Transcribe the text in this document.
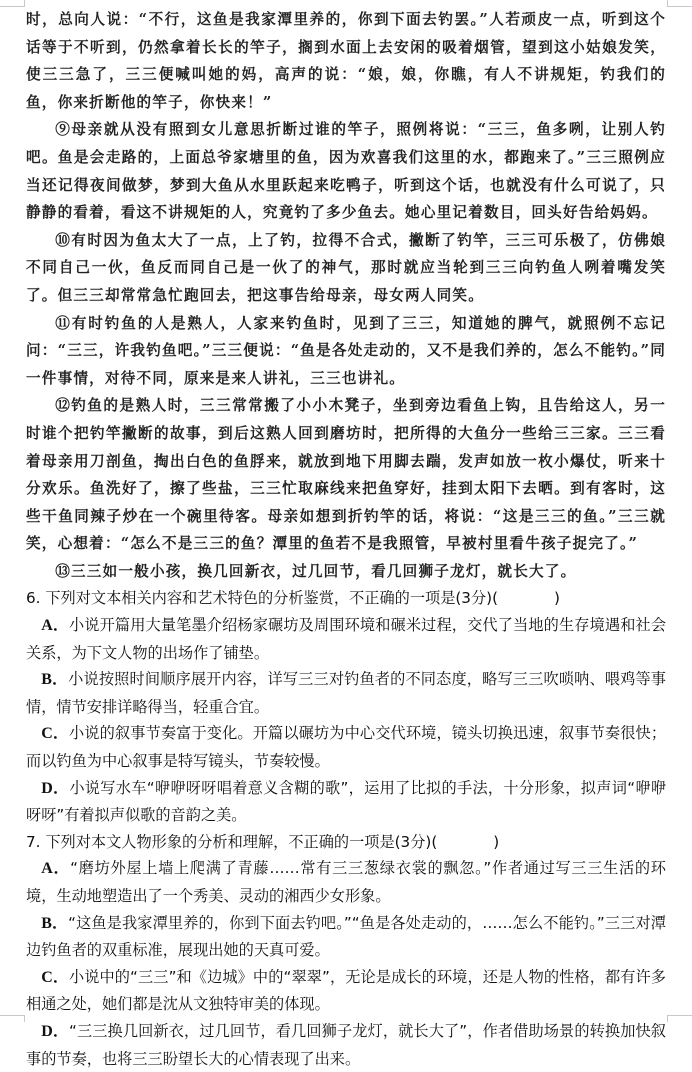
时，总向人说：“不行，这鱼是我家潭里养的，你到下面去钓罢。”人若顽皮一点，听到这个话等于不听到，仍然拿着长长的竿子，搁到水面上去安闲的吸着烟管，望到这小姑娘发笑，使三三急了，三三便喊叫她的妈，高声的说：“娘，娘，你瞧，有人不讲规矩，钓我们的鱼，你来折断他的竿子，你快来！”

⑨母亲就从没有照到女儿意思折断过谁的竿子，照例将说：“三三，鱼多咧，让别人钓吧。鱼是会走路的，上面总爷家塘里的鱼，因为欢喜我们这里的水，都跑来了。”三三照例应当还记得夜间做梦，梦到大鱼从水里跃起来吃鸭子，听到这个话，也就没有什么可说了，只静静的看着，看这不讲规矩的人，究竟钓了多少鱼去。她心里记着数目，回头好告给妈妈。

⑩有时因为鱼太大了一点，上了钓，拉得不合式，撇断了钓竿，三三可乐极了，仿佛娘不同自己一伙，鱼反而同自己是一伙了的神气，那时就应当轮到三三向钓鱼人咧着嘴发笑了。但三三却常常急忙跑回去，把这事告给母亲，母女两人同笑。

⑪有时钓鱼的人是熟人，人家来钓鱼时，见到了三三，知道她的脾气，就照例不忘记问：“三三，许我钓鱼吧。”三三便说：“鱼是各处走动的，又不是我们养的，怎么不能钓。”同一件事情，对待不同，原来是来人讲礼，三三也讲礼。

⑫钓鱼的是熟人时，三三常常搬了小小木凳子，坐到旁边看鱼上钩，且告给这人，另一时谁个把钓竿撇断的故事，到后这熟人回到磨坊时，把所得的大鱼分一些给三三家。三三看着母亲用刀剖鱼，掏出白色的鱼脬来，就放到地下用脚去踹，发声如放一枚小爆仗，听来十分欢乐。鱼洗好了，擦了些盐，三三忙取麻线来把鱼穿好，挂到太阳下去晒。到有客时，这些干鱼同辣子炒在一个碗里待客。母亲如想到折钓竿的话，将说：“这是三三的鱼。”三三就笑，心想着：“怎么不是三三的鱼？潭里的鱼若不是我照管，早被村里看牛孩子捉完了。”

⑬三三如一般小孩，换几回新衣，过几回节，看几回狮子龙灯，就长大了。

6. 下列对文本相关内容和艺术特色的分析鉴赏，不正确的一项是(3分)(	)

A．小说开篇用大量笔墨介绍杨家碾坊及周围环境和碾米过程，交代了当地的生存境遇和社会关系，为下文人物的出场作了铺垫。

B．小说按照时间顺序展开内容，详写三三对钓鱼者的不同态度，略写三三吹唢呐、喂鸡等事情，情节安排详略得当，轻重合宜。

C．小说的叙事节奏富于变化。开篇以碾坊为中心交代环境，镜头切换迅速，叙事节奏很快；而以钓鱼为中心叙事是特写镜头，节奏较慢。

D．小说写水车“咿咿呀呀唱着意义含糊的歌”，运用了比拟的手法，十分形象，拟声词“咿咿呀呀”有着拟声似歌的音韵之美。

7. 下列对本文人物形象的分析和理解，不正确的一项是(3分)(	)

A．“磨坊外屋上墙上爬满了青藤……常有三三葱绿衣裳的飘忽。”作者通过写三三生活的环境，生动地塑造出了一个秀美、灵动的湘西少女形象。

B．“这鱼是我家潭里养的，你到下面去钓吧。”“鱼是各处走动的，……怎么不能钓。”三三对潭边钓鱼者的双重标准，展现出她的天真可爱。

C．小说中的“三三”和《边城》中的“翠翠”，无论是成长的环境，还是人物的性格，都有许多相通之处，她们都是沈从文独特审美的体现。

D．“三三换几回新衣，过几回节，看几回狮子龙灯，就长大了”，作者借助场景的转换加快叙事的节奏，也将三三盼望长大的心情表现了出来。
